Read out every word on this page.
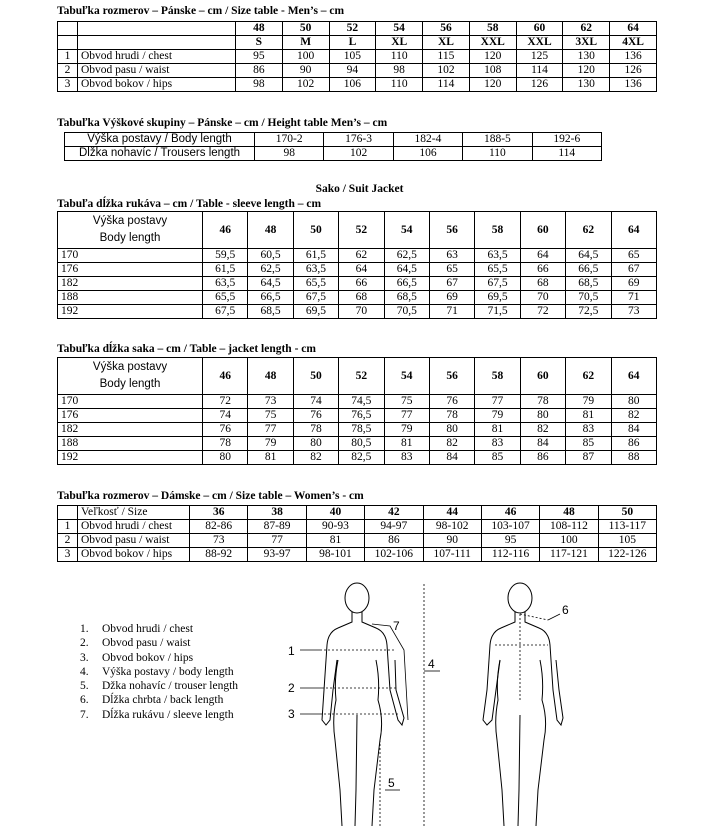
Tabuľka rozmerov – Pánske – cm / Size table - Men’s – cm
		48	50	52	54	56	58	60	62	64
		S	M	L	XL	XL	XXL	XXL	3XL	4XL
1	Obvod hrudi / chest	95	100	105	110	115	120	125	130	136
2	Obvod pasu / waist	86	90	94	98	102	108	114	120	126
3	Obvod bokov / hips	98	102	106	110	114	120	126	130	136
Tabuľka Výškové skupiny – Pánske – cm / Height table Men’s – cm
Výška postavy / Body length	170-2	176-3	182-4	188-5	192-6
Dĺžka nohavíc / Trousers length	98	102	106	110	114
Sako / Suit Jacket
Tabuľa dĺžka rukáva – cm / Table - sleeve length – cm
Výška postavy
Body length	46	48	50	52	54	56	58	60	62	64
170	59,5	60,5	61,5	62	62,5	63	63,5	64	64,5	65
176	61,5	62,5	63,5	64	64,5	65	65,5	66	66,5	67
182	63,5	64,5	65,5	66	66,5	67	67,5	68	68,5	69
188	65,5	66,5	67,5	68	68,5	69	69,5	70	70,5	71
192	67,5	68,5	69,5	70	70,5	71	71,5	72	72,5	73
Tabuľka dĺžka saka – cm / Table – jacket length - cm
Výška postavy
Body length	46	48	50	52	54	56	58	60	62	64
170	72	73	74	74,5	75	76	77	78	79	80
176	74	75	76	76,5	77	78	79	80	81	82
182	76	77	78	78,5	79	80	81	82	83	84
188	78	79	80	80,5	81	82	83	84	85	86
192	80	81	82	82,5	83	84	85	86	87	88
Tabuľka rozmerov – Dámske – cm / Size table – Women’s - cm
	Veľkosť / Size	36	38	40	42	44	46	48	50
1	Obvod hrudi / chest	82-86	87-89	90-93	94-97	98-102	103-107	108-112	113-117
2	Obvod pasu / waist	73	77	81	86	90	95	100	105
3	Obvod bokov / hips	88-92	93-97	98-101	102-106	107-111	112-116	117-121	122-126
1. Obvod hrudi / chest
2. Obvod pasu / waist
3. Obvod bokov / hips
4. Výška postavy / body length
5. Džka nohavíc / trouser length
6. Dĺžka chrbta / back length
7. Dĺžka rukávu / sleeve length
1
2
3
4
5
6
7
